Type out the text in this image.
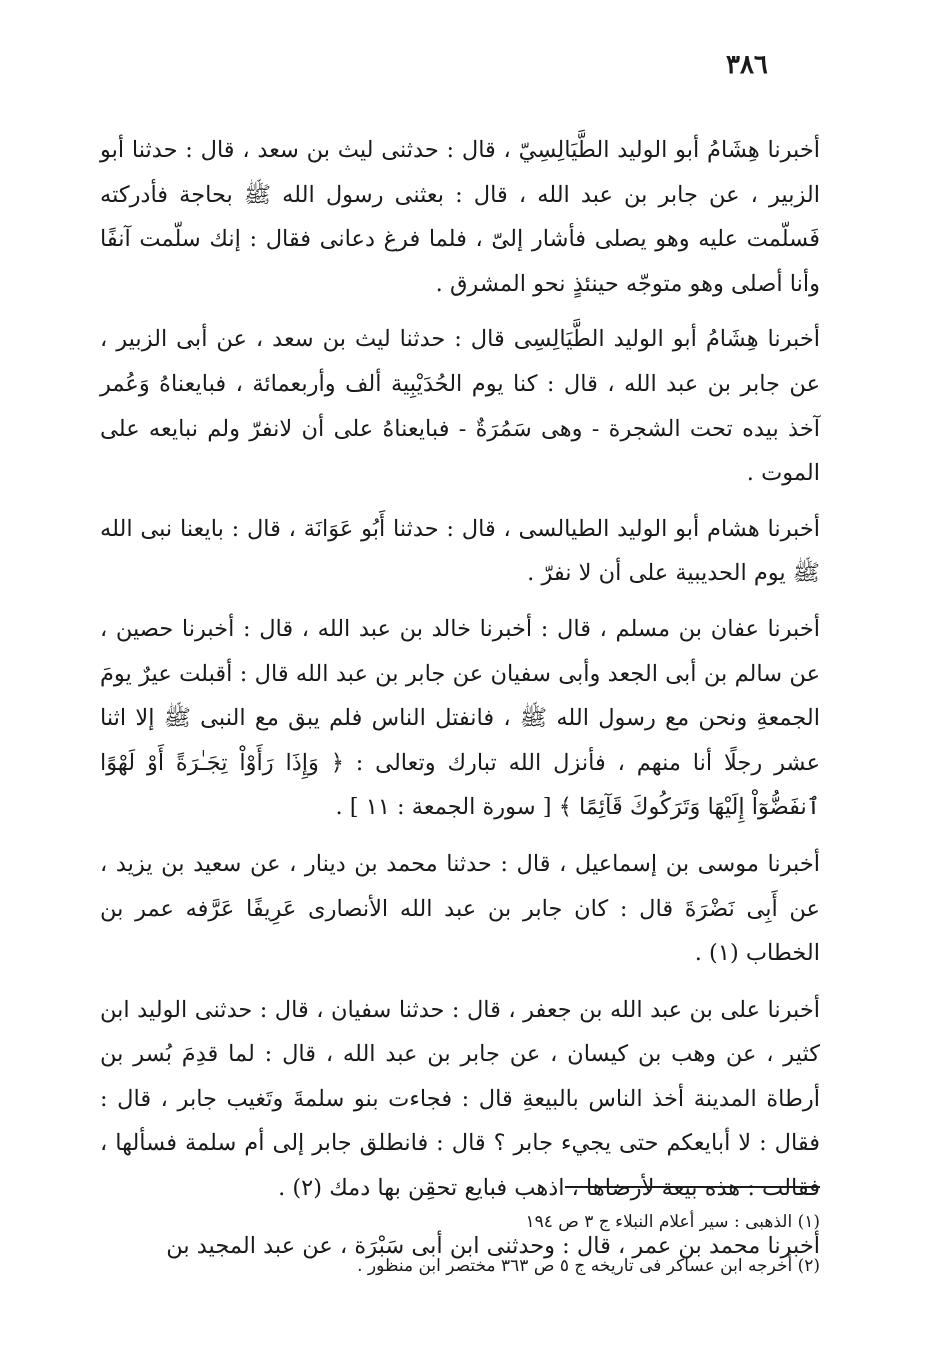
٣٨٦

أخبرنا هِشَامُ أبو الوليد الطَّيَالِسِيّ ، قال : حدثنى ليث بن سعد ، قال : حدثنا أبو الزبير ، عن جابر بن عبد الله ، قال : بعثنى رسول الله ﷺ بحاجة فأدركته فَسلّمت عليه وهو يصلى فأشار إلىّ ، فلما فرغ دعانى فقال : إنك سلّمت آنفًا وأنا أصلى وهو متوجّه حينئذٍ نحو المشرق .

أخبرنا هِشَامُ أبو الوليد الطَّيَالِسِى قال : حدثنا ليث بن سعد ، عن أبى الزبير ، عن جابر بن عبد الله ، قال : كنا يوم الحُدَيْبِية ألف وأربعمائة ، فبايعناهُ وَعُمر آخذ بيده تحت الشجرة - وهى سَمُرَةٌ - فبايعناهُ على أن لانفرّ ولم نبايعه على الموت .

أخبرنا هشام أبو الوليد الطيالسى ، قال : حدثنا أَبُو عَوَانَة ، قال : بايعنا نبى الله ﷺ يوم الحديبية على أن لا نفرّ .

أخبرنا عفان بن مسلم ، قال : أخبرنا خالد بن عبد الله ، قال : أخبرنا حصين ، عن سالم بن أبى الجعد وأبى سفيان عن جابر بن عبد الله قال : أقبلت عيرٌ يومَ الجمعةِ ونحن مع رسول الله ﷺ ، فانفتل الناس فلم يبق مع النبى ﷺ إلا اثنا عشر رجلًا أنا منهم ، فأنزل الله تبارك وتعالى : ﴿ وَإِذَا رَأَوْاْ تِجَـٰرَةً أَوْ لَهْوًا ٱنفَضُّوٓاْ إِلَيْهَا وَتَرَكُوكَ قَآئِمًا ﴾ [ سورة الجمعة : ١١ ] .

أخبرنا موسى بن إسماعيل ، قال : حدثنا محمد بن دينار ، عن سعيد بن يزيد ، عن أَبِى نَضْرَةَ قال : كان جابر بن عبد الله الأنصارى عَرِيفًا عَرَّفه عمر بن الخطاب (١) .

أخبرنا على بن عبد الله بن جعفر ، قال : حدثنا سفيان ، قال : حدثنى الوليد ابن كثير ، عن وهب بن كيسان ، عن جابر بن عبد الله ، قال : لما قدِمَ بُسر بن أرطاة المدينة أخذ الناس بالبيعةِ قال : فجاءت بنو سلمةَ وتَغيب جابر ، قال : فقال : لا أبايعكم حتى يجيء جابر ؟ قال : فانطلق جابر إلى أم سلمة فسألها ، فقالت : هذه بيعة لأرضاها ، اذهب فبايع تحقِن بها دمك (٢) .

أخبرنا محمد بن عمر ، قال : وحدثنى ابن أبى سَبْرَة ، عن عبد المجيد بن

(١) الذهبى : سير أعلام النبلاء ج ٣ ص ١٩٤

(٢) أخرجه ابن عساكر فى تاريخه ج ٥ ص ٣٦٣ مختصر ابن منظور .
